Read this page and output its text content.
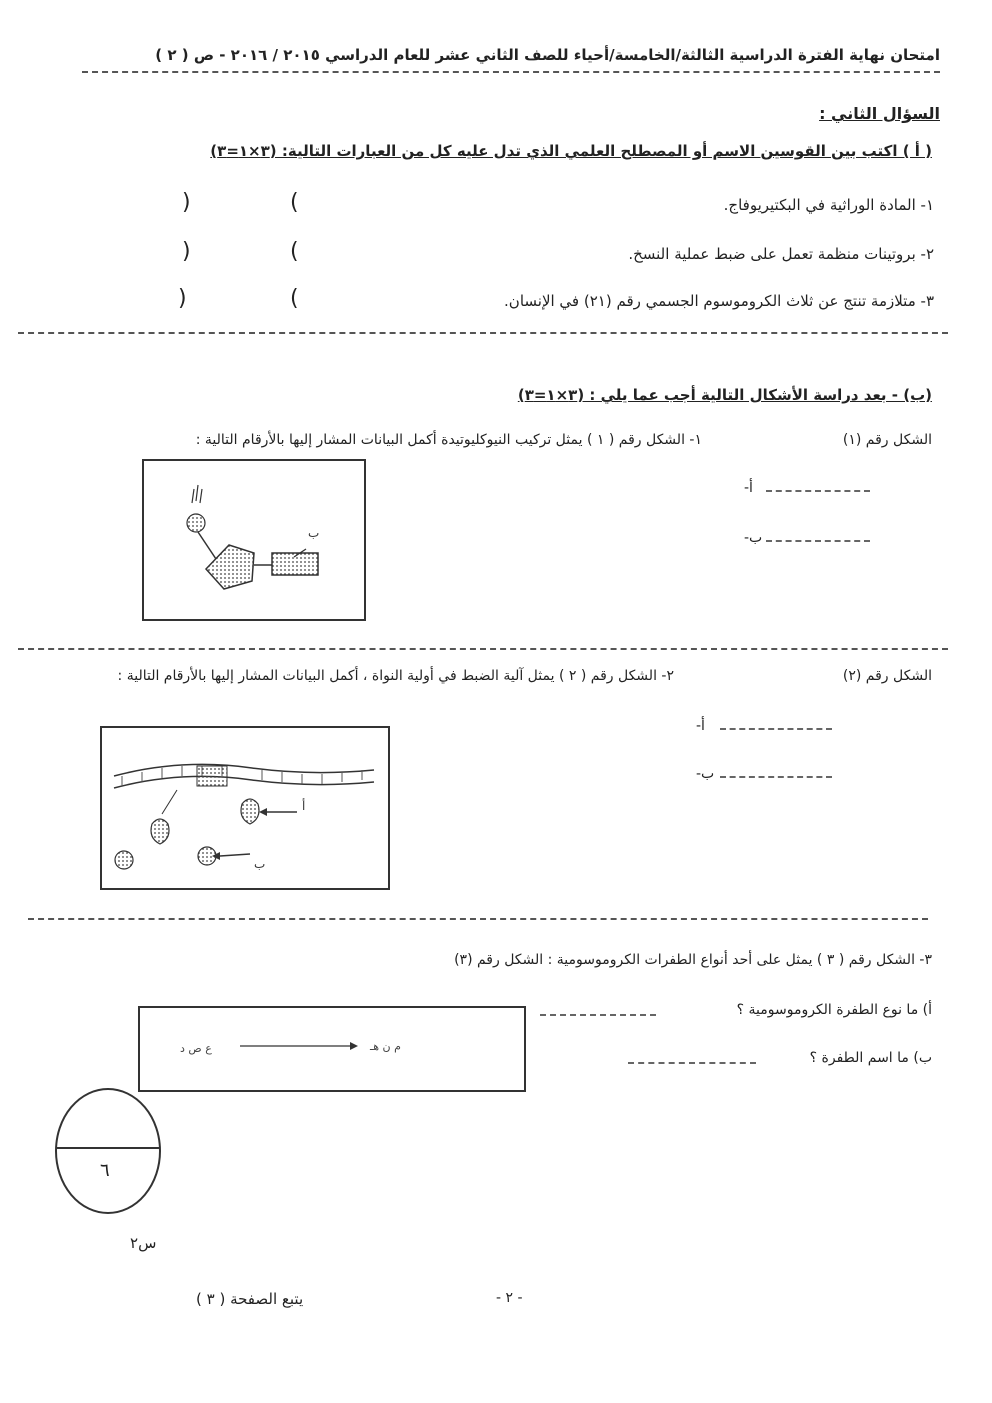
امتحان نهاية الفترة الدراسية الثالثة/الخامسة/أحياء للصف الثاني عشر للعام الدراسي ٢٠١٥ / ٢٠١٦ - ص ( ٢ )
السؤال الثاني :
( أ ) اكتب بين القوسين الاسم أو المصطلح العلمي الذي تدل عليه كل من العبارات التالية: (٣×١=٣)
١- المادة الوراثية في البكتيريوفاج.
(
)
٢- بروتينات منظمة تعمل على ضبط عملية النسخ.
(
)
٣- متلازمة تنتج عن ثلاث الكروموسوم الجسمي رقم (٢١) في الإنسان.
(
)
(ب) - بعد دراسة الأشكال التالية أجب عما يلي : (٣×١=٣)
١- الشكل رقم ( ١ ) يمثل تركيب النيوكليوتيدة أكمل البيانات المشار إليها بالأرقام التالية :	الشكل رقم (١)
ب
أ-
ب-
٢- الشكل رقم ( ٢ ) يمثل آلية الضبط في أولية النواة ، أكمل البيانات المشار إليها بالأرقام التالية :	الشكل رقم (٢)
أ
ب
أ-
ب-
٣- الشكل رقم ( ٣ ) يمثل على أحد أنواع الطفرات الكروموسومية : الشكل رقم (٣)
ع ص د	م ن هـ
أ) ما نوع الطفرة الكروموسومية ؟
ب) ما اسم الطفرة ؟
٦
س٢
- ٢ -
يتبع الصفحة ( ٣ )
